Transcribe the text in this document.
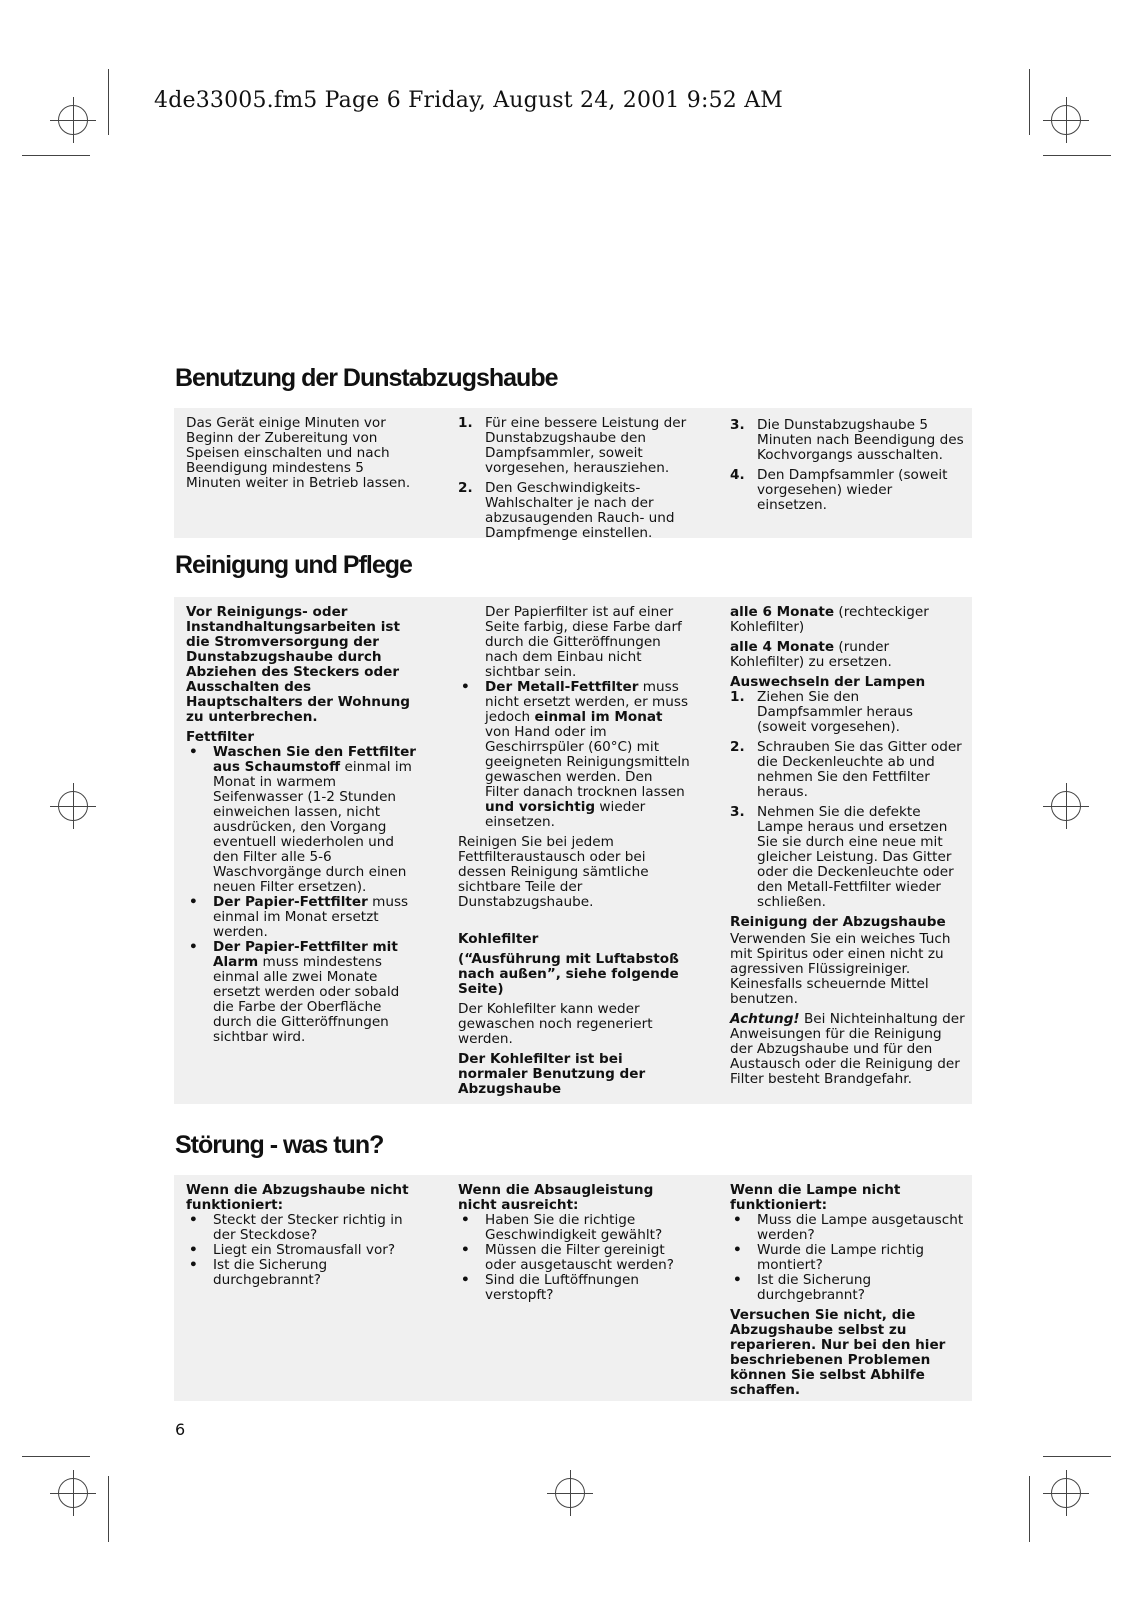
4de33005.fm5 Page 6 Friday, August 24, 2001 9:52 AM
Benutzung der Dunstabzugshaube

Das Gerät einige Minuten vor Beginn der Zubereitung von Speisen einschalten und nach Beendigung mindestens 5 Minuten weiter in Betrieb lassen.

1. Für eine bessere Leistung der Dunstabzugshaube den Dampfsammler, soweit vorgesehen, herausziehen.
2. Den Geschwindigkeits-Wahlschalter je nach der abzusaugenden Rauch- und Dampfmenge einstellen.
3. Die Dunstabzugshaube 5 Minuten nach Beendigung des Kochvorgangs ausschalten.
4. Den Dampfsammler (soweit vorgesehen) wieder einsetzen.
Reinigung und Pflege

Vor Reinigungs- oder Instandhaltungsarbeiten ist die Stromversorgung der Dunstabzugshaube durch Abziehen des Steckers oder Ausschalten des Hauptschalters der Wohnung zu unterbrechen.

Fettfilter

• Waschen Sie den Fettfilter aus Schaumstoff einmal im Monat in warmem Seifenwasser (1-2 Stunden einweichen lassen, nicht ausdrücken, den Vorgang eventuell wiederholen und den Filter alle 5-6 Waschvorgänge durch einen neuen Filter ersetzen).
• Der Papier-Fettfilter muss einmal im Monat ersetzt werden.
• Der Papier-Fettfilter mit Alarm muss mindestens einmal alle zwei Monate ersetzt werden oder sobald die Farbe der Oberfläche durch die Gitteröffnungen sichtbar wird.

Der Papierfilter ist auf einer Seite farbig, diese Farbe darf durch die Gitteröffnungen nach dem Einbau nicht sichtbar sein.

• Der Metall-Fettfilter muss nicht ersetzt werden, er muss jedoch einmal im Monat von Hand oder im Geschirrspüler (60°C) mit geeigneten Reinigungsmitteln gewaschen werden. Den Filter danach trocknen lassen und vorsichtig wieder einsetzen.

Reinigen Sie bei jedem Fettfilteraustausch oder bei dessen Reinigung sämtliche sichtbare Teile der Dunstabzugshaube.

Kohlefilter

(“Ausführung mit Luftabstoß nach außen”, siehe folgende Seite)

Der Kohlefilter kann weder gewaschen noch regeneriert werden.

Der Kohlefilter ist bei normaler Benutzung der Abzugshaube

alle 6 Monate (rechteckiger Kohlefilter)

alle 4 Monate (runder Kohlefilter) zu ersetzen.

Auswechseln der Lampen

1. Ziehen Sie den Dampfsammler heraus (soweit vorgesehen).
2. Schrauben Sie das Gitter oder die Deckenleuchte ab und nehmen Sie den Fettfilter heraus.
3. Nehmen Sie die defekte Lampe heraus und ersetzen Sie sie durch eine neue mit gleicher Leistung. Das Gitter oder die Deckenleuchte oder den Metall-Fettfilter wieder schließen.

Reinigung der Abzugshaube

Verwenden Sie ein weiches Tuch mit Spiritus oder einen nicht zu agressiven Flüssigreiniger. Keinesfalls scheuernde Mittel benutzen.

Achtung! Bei Nichteinhaltung der Anweisungen für die Reinigung der Abzugshaube und für den Austausch oder die Reinigung der Filter besteht Brandgefahr.

Störung - was tun?

Wenn die Abzugshaube nicht funktioniert:

• Steckt der Stecker richtig in der Steckdose?
• Liegt ein Stromausfall vor?
• Ist die Sicherung durchgebrannt?

Wenn die Absaugleistung nicht ausreicht:

• Haben Sie die richtige Geschwindigkeit gewählt?
• Müssen die Filter gereinigt oder ausgetauscht werden?
• Sind die Luftöffnungen verstopft?

Wenn die Lampe nicht funktioniert:

• Muss die Lampe ausgetauscht werden?
• Wurde die Lampe richtig montiert?
• Ist die Sicherung durchgebrannt?

Versuchen Sie nicht, die Abzugshaube selbst zu reparieren. Nur bei den hier beschriebenen Problemen können Sie selbst Abhilfe schaffen.

6
